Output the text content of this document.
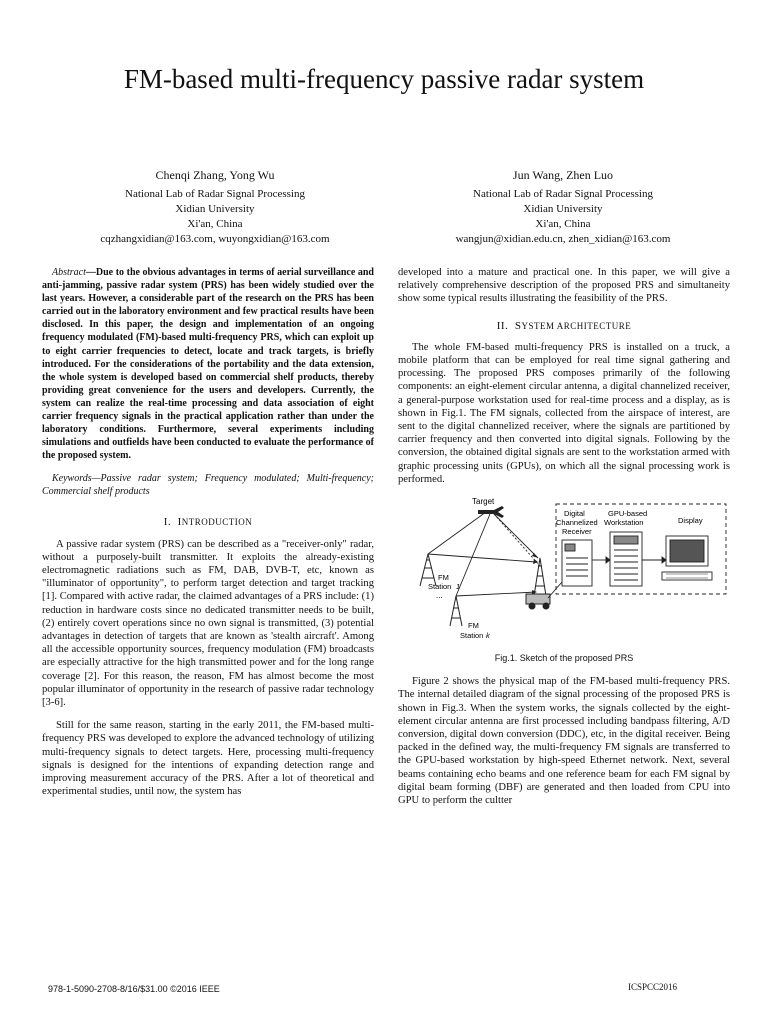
FM-based multi-frequency passive radar system
Chenqi Zhang, Yong Wu
National Lab of Radar Signal Processing
Xidian University
Xi'an, China
cqzhangxidian@163.com, wuyongxidian@163.com
Jun Wang, Zhen Luo
National Lab of Radar Signal Processing
Xidian University
Xi'an, China
wangjun@xidian.edu.cn, zhen_xidian@163.com

Abstract—Due to the obvious advantages in terms of aerial surveillance and anti-jamming, passive radar system (PRS) has been widely studied over the last years. However, a considerable part of the research on the PRS has been carried out in the laboratory environment and few practical results have been disclosed. In this paper, the design and implementation of an ongoing frequency modulated (FM)-based multi-frequency PRS, which can exploit up to eight carrier frequencies to detect, locate and track targets, is briefly introduced. For the considerations of the portability and the data extension, the whole system is developed based on commercial shelf products, thereby providing great convenience for the users and developers. Currently, the system can realize the real-time processing and data association of eight carrier frequency signals in the practical application rather than under the laboratory conditions. Furthermore, several experiments including simulations and outfields have been conducted to evaluate the performance of the proposed system.

Keywords—Passive radar system; Frequency modulated; Multi-frequency; Commercial shelf products

I. INTRODUCTION

A passive radar system (PRS) can be described as a "receiver-only" radar, without a purposely-built transmitter. It exploits the already-existing electromagnetic radiations such as FM, DAB, DVB-T, etc, known as "illuminator of opportunity", to perform target detection and target tracking [1]. Compared with active radar, the claimed advantages of a PRS include: (1) reduction in hardware costs since no dedicated transmitter needs to be built, (2) entirely covert operations since no own signal is transmitted, (3) potential advantages in detection of targets that are known as 'stealth aircraft'. Among all the accessible opportunity sources, frequency modulation (FM) broadcasts are especially attractive for the high transmitted power and for the long range coverage [2]. For this reason, the reason, FM has almost become the most popular illuminator of opportunity in the research of passive radar technology [3-6].

Still for the same reason, starting in the early 2011, the FM-based multi-frequency PRS was developed to explore the advanced technology of utilizing multi-frequency signals to detect targets. Here, processing multi-frequency signals is designed for the intentions of expanding detection range and improving measurement accuracy of the PRS. After a lot of theoretical and experimental studies, until now, the system has

developed into a mature and practical one. In this paper, we will give a relatively comprehensive description of the proposed PRS and simultaneity show some typical results illustrating the feasibility of the PRS.

II. SYSTEM ARCHITECTURE

The whole FM-based multi-frequency PRS is installed on a truck, a mobile platform that can be employed for real time signal gathering and processing. The proposed PRS composes primarily of the following components: an eight-element circular antenna, a digital channelized receiver, a general-purpose workstation used for real-time process and a display, as is shown in Fig.1. The FM signals, collected from the airspace of interest, are sent to the digital channelized receiver, where the signals are partitioned by carrier frequency and then converted into digital signals. Following by the conversion, the obtained digital signals are sent to the workstation armed with graphic processing units (GPUs), on which all the signal processing work is performed.

Target
FM
Station 1
...
FM
Station k
Digital
Channelized
Receiver
GPU-based
Workstation	Display
Fig.1. Sketch of the proposed PRS

Figure 2 shows the physical map of the FM-based multi-frequency PRS. The internal detailed diagram of the signal processing of the proposed PRS is shown in Fig.3. When the system works, the signals collected by the eight-element circular antenna are first processed including bandpass filtering, A/D conversion, digital down conversion (DDC), etc, in the digital receiver. Being packed in the defined way, the multi-frequency FM signals are transferred to the GPU-based workstation by high-speed Ethernet network. Next, several beams containing echo beams and one reference beam for each FM signal by digital beam forming (DBF) are generated and then loaded from CPU into GPU to perform the cultter

978-1-5090-2708-8/16/$31.00 ©2016 IEEE	ICSPCC2016
